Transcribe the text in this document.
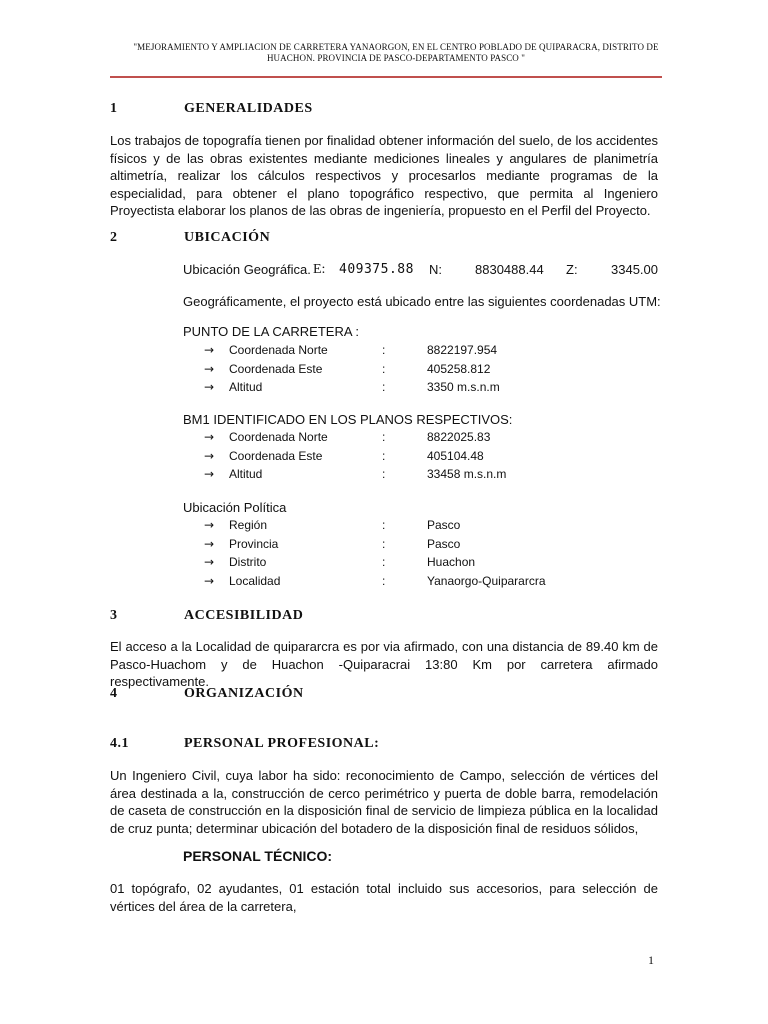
"MEJORAMIENTO Y AMPLIACION DE CARRETERA YANAORGON, EN EL CENTRO POBLADO DE QUIPARACRA, DISTRITO DE
HUACHON. PROVINCIA DE PASCO-DEPARTAMENTO PASCO "
1	GENERALIDADES
Los trabajos de topografía tienen por finalidad obtener información del suelo, de los accidentes físicos y de las obras existentes mediante mediciones lineales y angulares de planimetría altimetría, realizar los cálculos respectivos y procesarlos mediante programas de la especialidad, para obtener el plano topográfico respectivo, que permita al Ingeniero Proyectista elaborar los planos de las obras de ingeniería, propuesto en el Perfil del Proyecto.
2	UBICACIÓN
Ubicación Geográfica. E: 409375.88 N:	8830488.44 Z:	3345.00
Geográficamente, el proyecto está ubicado entre las siguientes coordenadas UTM:
PUNTO DE LA CARRETERA :
→ Coordenada Norte	:	8822197.954
→ Coordenada Este	:	405258.812
→ Altitud	:	3350 m.s.n.m
BM1 IDENTIFICADO EN LOS PLANOS RESPECTIVOS:
→ Coordenada Norte	:	8822025.83
→ Coordenada Este	:	405104.48
→ Altitud	:	33458 m.s.n.m
Ubicación Política
→ Región	:	Pasco
→ Provincia	:	Pasco
→ Distrito	:	Huachon
→ Localidad	:	Yanaorgo-Quipararcra
3	ACCESIBILIDAD
El acceso a la Localidad de quipararcra es por via afirmado, con una distancia de 89.40 km de Pasco-Huachom y de Huachon -Quiparacrai 13:80 Km por carretera afirmado respectivamente.
4	ORGANIZACIÓN
4.1	PERSONAL PROFESIONAL:
Un Ingeniero Civil, cuya labor ha sido: reconocimiento de Campo, selección de vértices del área destinada a la, construcción de cerco perimétrico y puerta de doble barra, remodelación de caseta de construcción en la disposición final de servicio de limpieza pública en la localidad de cruz punta; determinar ubicación del botadero de la disposición final de residuos sólidos,
PERSONAL TÉCNICO:
01 topógrafo, 02 ayudantes, 01 estación total incluido sus accesorios, para selección de vértices del área de la carretera,
1
